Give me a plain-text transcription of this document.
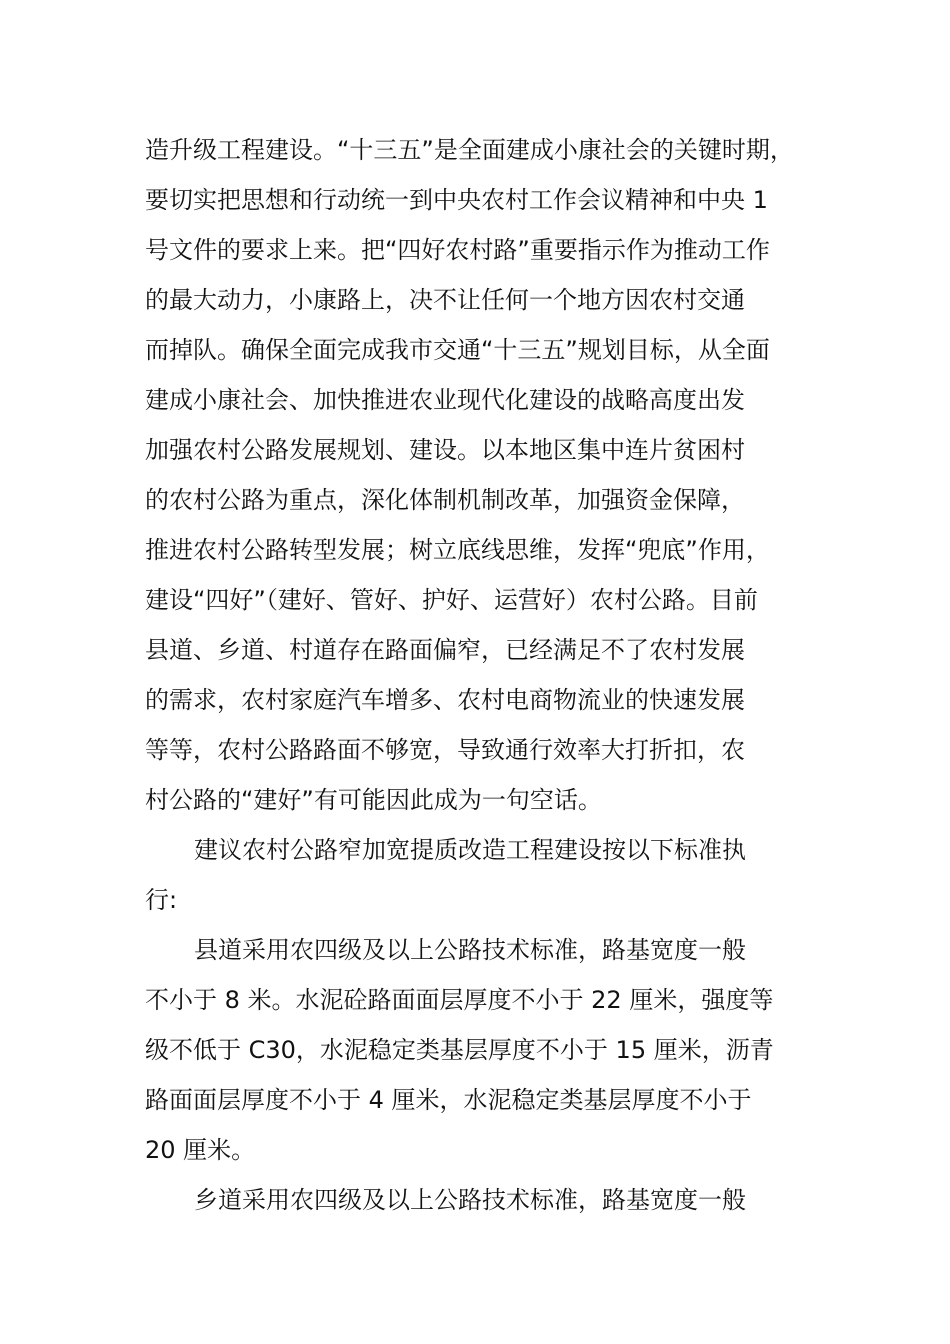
造升级工程建设。“十三五”是全面建成小康社会的关键时期，
要切实把思想和行动统一到中央农村工作会议精神和中央 1
号文件的要求上来。把“四好农村路”重要指示作为推动工作
的最大动力，小康路上，决不让任何一个地方因农村交通
而掉队。确保全面完成我市交通“十三五”规划目标，从全面
建成小康社会、加快推进农业现代化建设的战略高度出发
加强农村公路发展规划、建设。以本地区集中连片贫困村
的农村公路为重点，深化体制机制改革，加强资金保障，
推进农村公路转型发展；树立底线思维，发挥“兜底”作用，
建设“四好”（建好、管好、护好、运营好）农村公路。目前
县道、乡道、村道存在路面偏窄，已经满足不了农村发展
的需求，农村家庭汽车增多、农村电商物流业的快速发展
等等，农村公路路面不够宽，导致通行效率大打折扣，农
村公路的“建好”有可能因此成为一句空话。
建议农村公路窄加宽提质改造工程建设按以下标准执
行:
县道采用农四级及以上公路技术标准，路基宽度一般
不小于 8 米。水泥砼路面面层厚度不小于 22 厘米，强度等
级不低于 C30，水泥稳定类基层厚度不小于 15 厘米，沥青
路面面层厚度不小于 4 厘米，水泥稳定类基层厚度不小于
20 厘米。
乡道采用农四级及以上公路技术标准，路基宽度一般
